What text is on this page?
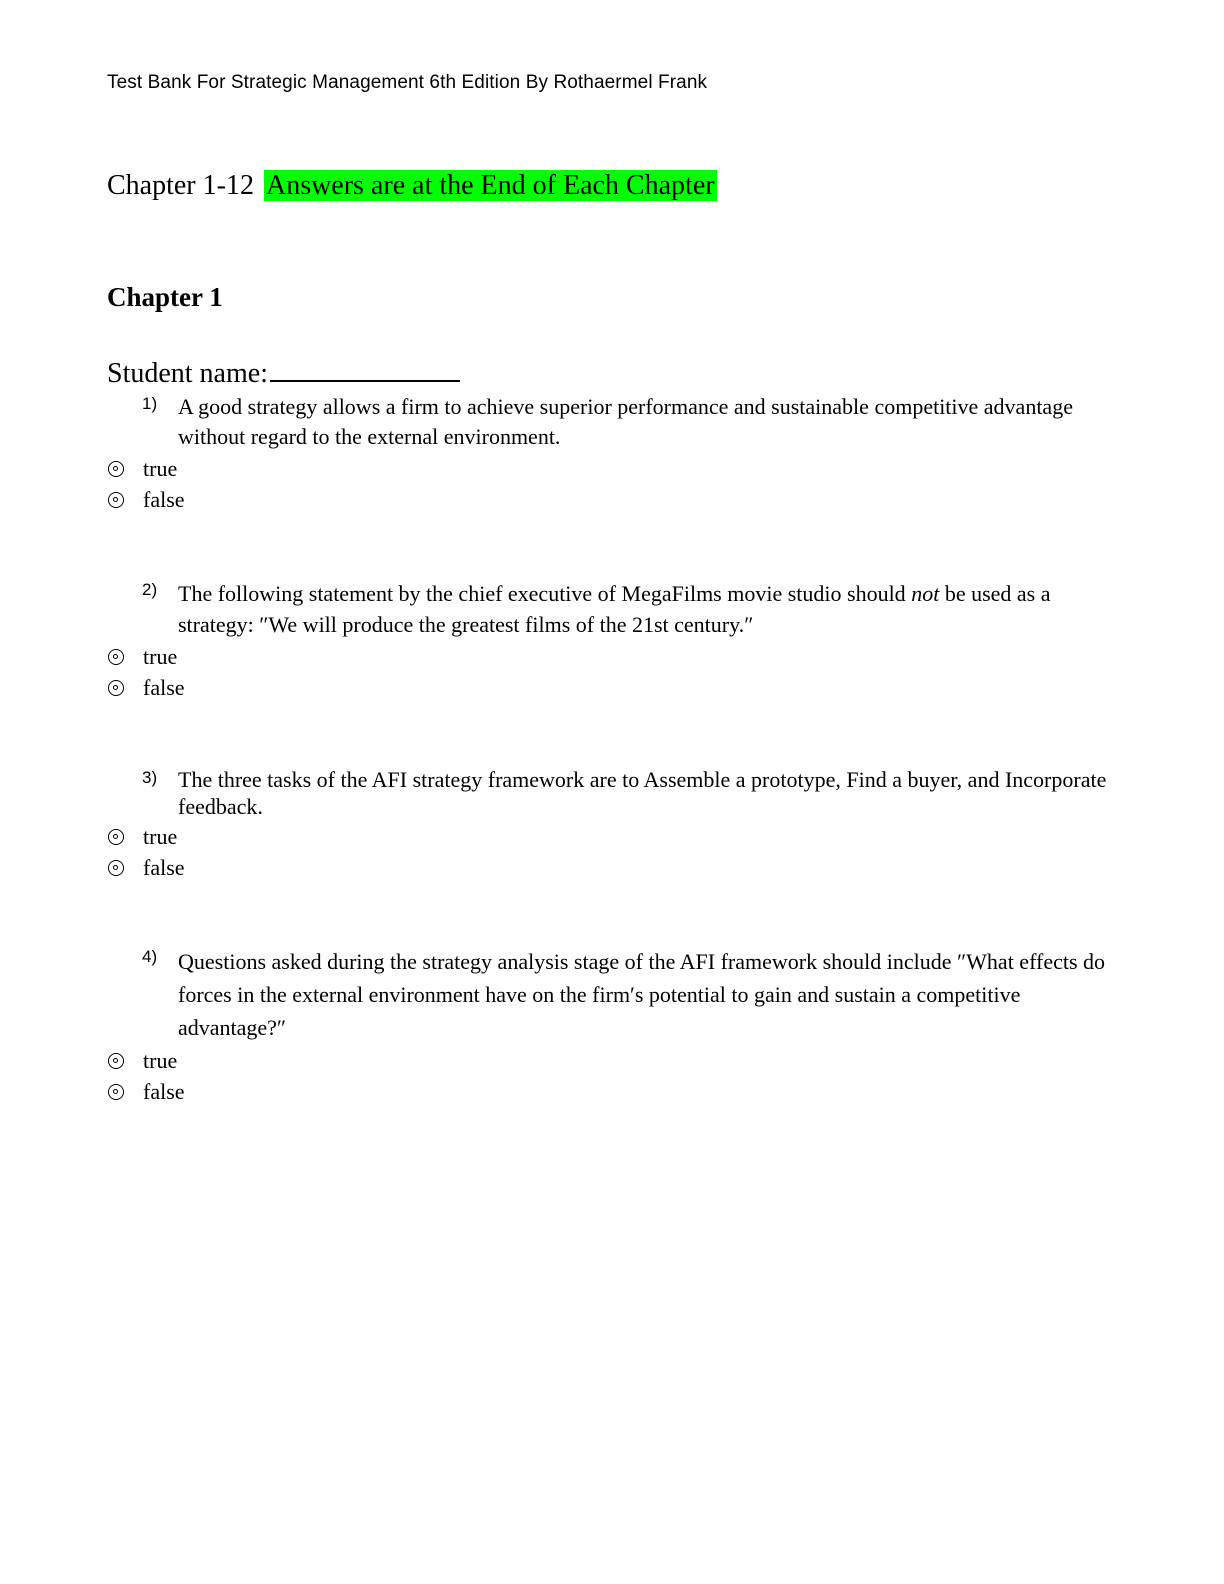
Test Bank For Strategic Management 6th Edition By Rothaermel Frank
Chapter 1-12 Answers are at the End of Each Chapter
Chapter 1
Student name:
1) A good strategy allows a firm to achieve superior performance and sustainable competitive advantage without regard to the external environment.
true
false
2) The following statement by the chief executive of MegaFilms movie studio should not be used as a strategy: ″We will produce the greatest films of the 21st century.″
true
false
3) The three tasks of the AFI strategy framework are to Assemble a prototype, Find a buyer, and Incorporate feedback.
true
false
4) Questions asked during the strategy analysis stage of the AFI framework should include ″What effects do forces in the external environment have on the firm′s potential to gain and sustain a competitive advantage?″
true
false
